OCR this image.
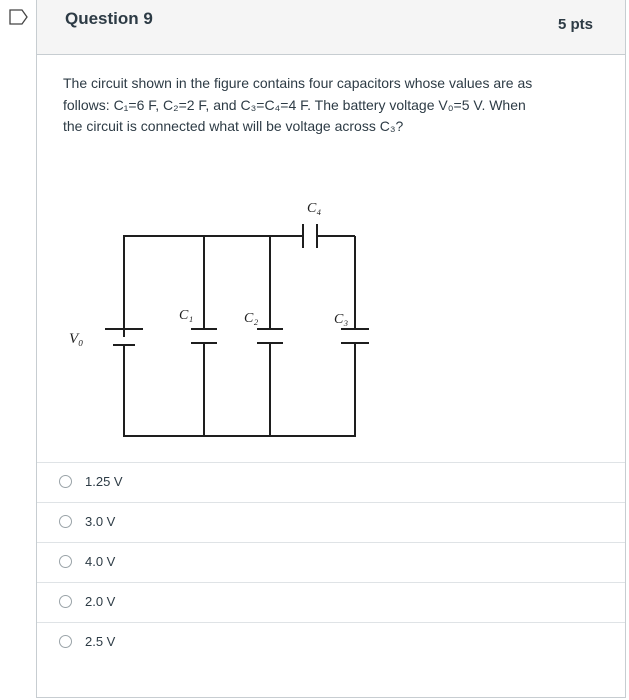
Question 9	5 pts
The circuit shown in the figure contains four capacitors whose values are as
follows: C₁=6 F, C₂=2 F, and C₃=C₄=4 F. The battery voltage V₀=5 V. When
the circuit is connected what will be voltage across C₃?
V₀
C₁	C₂	C₃
C₄
1.25 V
3.0 V
4.0 V
2.0 V
2.5 V
